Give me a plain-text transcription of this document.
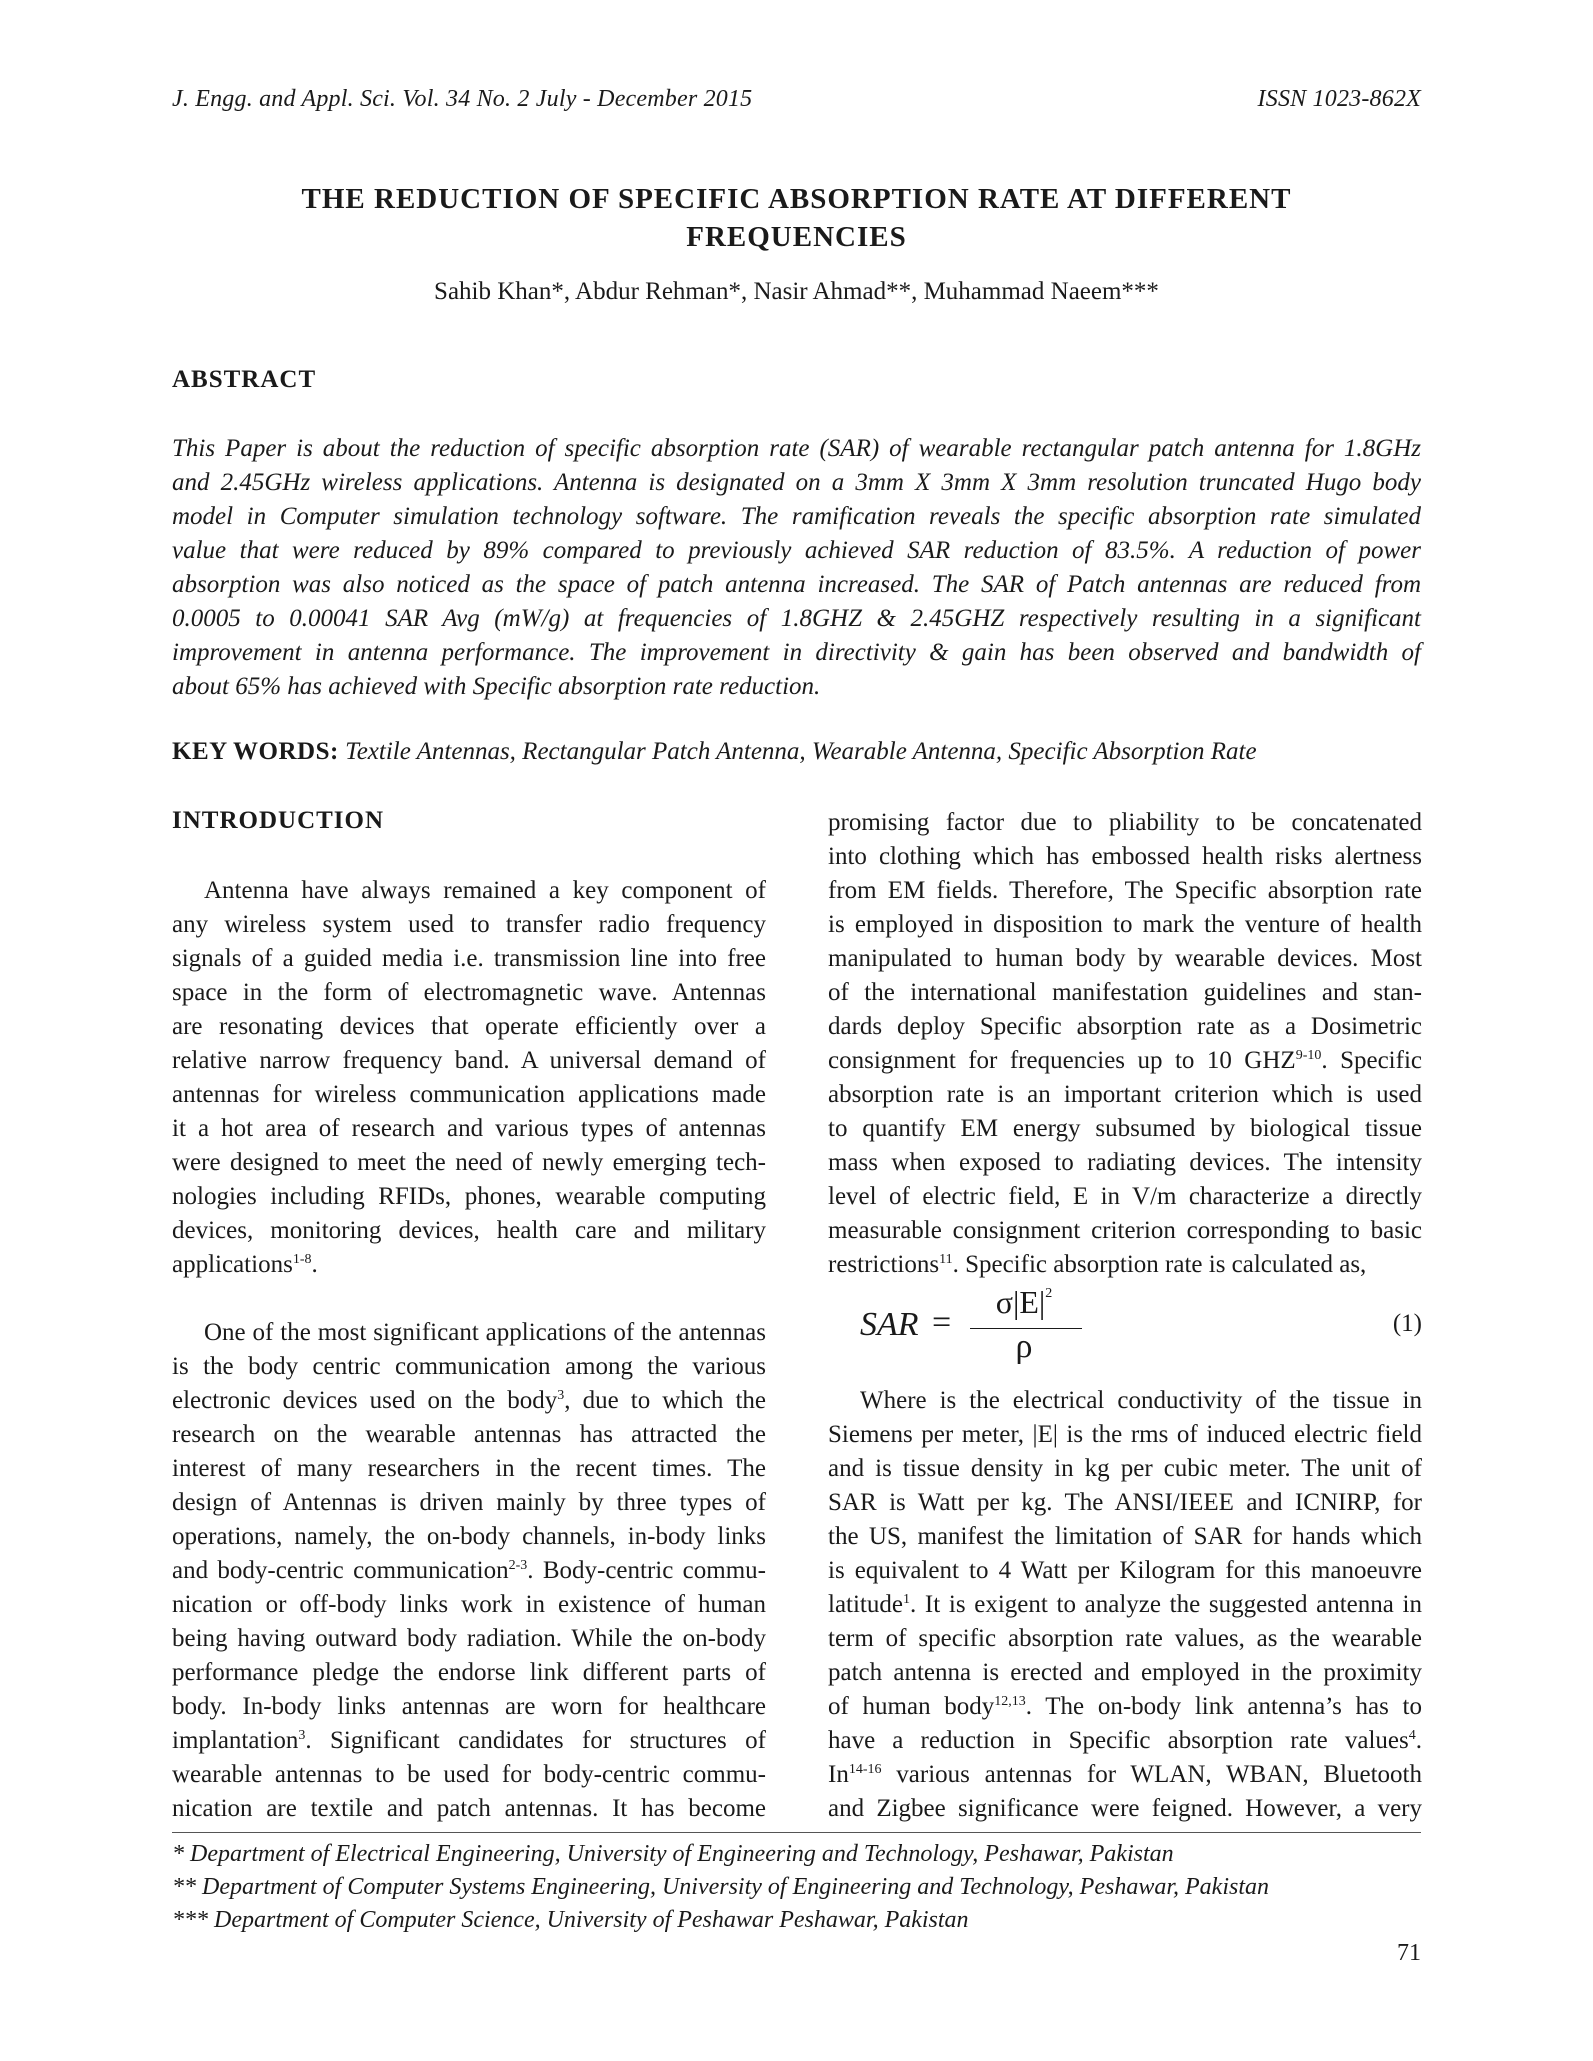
J. Engg. and Appl. Sci. Vol. 34 No. 2 July - December 2015	ISSN 1023-862X
THE REDUCTION OF SPECIFIC ABSORPTION RATE AT DIFFERENT
FREQUENCIES
Sahib Khan*, Abdur Rehman*, Nasir Ahmad**, Muhammad Naeem***
ABSTRACT
This Paper is about the reduction of specific absorption rate (SAR) of wearable rectangular patch antenna for 1.8GHz
and 2.45GHz wireless applications. Antenna is designated on a 3mm X 3mm X 3mm resolution truncated Hugo body
model in Computer simulation technology software. The ramification reveals the specific absorption rate simulated
value that were reduced by 89% compared to previously achieved SAR reduction of 83.5%. A reduction of power
absorption was also noticed as the space of patch antenna increased. The SAR of Patch antennas are reduced from
0.0005 to 0.00041 SAR Avg (mW/g) at frequencies of 1.8GHZ & 2.45GHZ respectively resulting in a significant
improvement in antenna performance. The improvement in directivity & gain has been observed and bandwidth of
about 65% has achieved with Specific absorption rate reduction.
KEY WORDS: Textile Antennas, Rectangular Patch Antenna, Wearable Antenna, Specific Absorption Rate
INTRODUCTION
Antenna have always remained a key component of
any wireless system used to transfer radio frequency
signals of a guided media i.e. transmission line into free
space in the form of electromagnetic wave. Antennas
are resonating devices that operate efficiently over a
relative narrow frequency band. A universal demand of
antennas for wireless communication applications made
it a hot area of research and various types of antennas
were designed to meet the need of newly emerging tech-
nologies including RFIDs, phones, wearable computing
devices, monitoring devices, health care and military
applications$^{1-8}$.
One of the most significant applications of the antennas
is the body centric communication among the various
electronic devices used on the body$^3$, due to which the
research on the wearable antennas has attracted the
interest of many researchers in the recent times. The
design of Antennas is driven mainly by three types of
operations, namely, the on-body channels, in-body links
and body-centric communication$^{2-3}$. Body-centric commu-
nication or off-body links work in existence of human
being having outward body radiation. While the on-body
performance pledge the endorse link different parts of
body. In-body links antennas are worn for healthcare
implantation$^3$. Significant candidates for structures of
wearable antennas to be used for body-centric commu-
nication are textile and patch antennas. It has become
promising factor due to pliability to be concatenated
into clothing which has embossed health risks alertness
from EM fields. Therefore, The Specific absorption rate
is employed in disposition to mark the venture of health
manipulated to human body by wearable devices. Most
of the international manifestation guidelines and stan-
dards deploy Specific absorption rate as a Dosimetric
consignment for frequencies up to 10 GHZ$^{9-10}$. Specific
absorption rate is an important criterion which is used
to quantify EM energy subsumed by biological tissue
mass when exposed to radiating devices. The intensity
level of electric field, E in V/m characterize a directly
measurable consignment criterion corresponding to basic
restrictions$^{11}$. Specific absorption rate is calculated as,
SAR =
$\sigma|E|^2$
ρ
(1)
Where is the electrical conductivity of the tissue in
Siemens per meter, |E| is the rms of induced electric field
and is tissue density in kg per cubic meter. The unit of
SAR is Watt per kg. The ANSI/IEEE and ICNIRP, for
the US, manifest the limitation of SAR for hands which
is equivalent to 4 Watt per Kilogram for this manoeuvre
latitude$^1$. It is exigent to analyze the suggested antenna in
term of specific absorption rate values, as the wearable
patch antenna is erected and employed in the proximity
of human body$^{12,13}$. The on-body link antenna’s has to
have a reduction in Specific absorption rate values$^4$.
In$^{14-16}$ various antennas for WLAN, WBAN, Bluetooth
and Zigbee significance were feigned. However, a very
* Department of Electrical Engineering, University of Engineering and Technology, Peshawar, Pakistan
** Department of Computer Systems Engineering, University of Engineering and Technology, Peshawar, Pakistan
*** Department of Computer Science, University of Peshawar Peshawar, Pakistan
71
